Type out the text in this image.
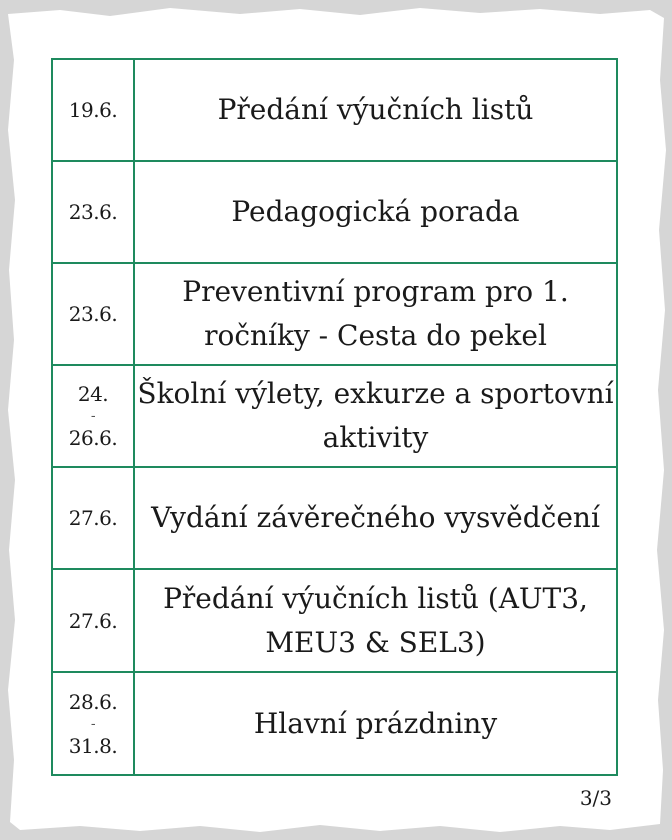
19.6.	Předání výučních listů
23.6.	Pedagogická porada
23.6.	Preventivní program pro 1. ročníky - Cesta do pekel

24.
-
26.6.	Školní výlety, exkurze a sportovní aktivity
27.6.	Vydání závěrečného vysvědčení
27.6.	Předání výučních listů (AUT3, MEU3 & SEL3)

28.6.
-
31.8.	Hlavní prázdniny
3/3
